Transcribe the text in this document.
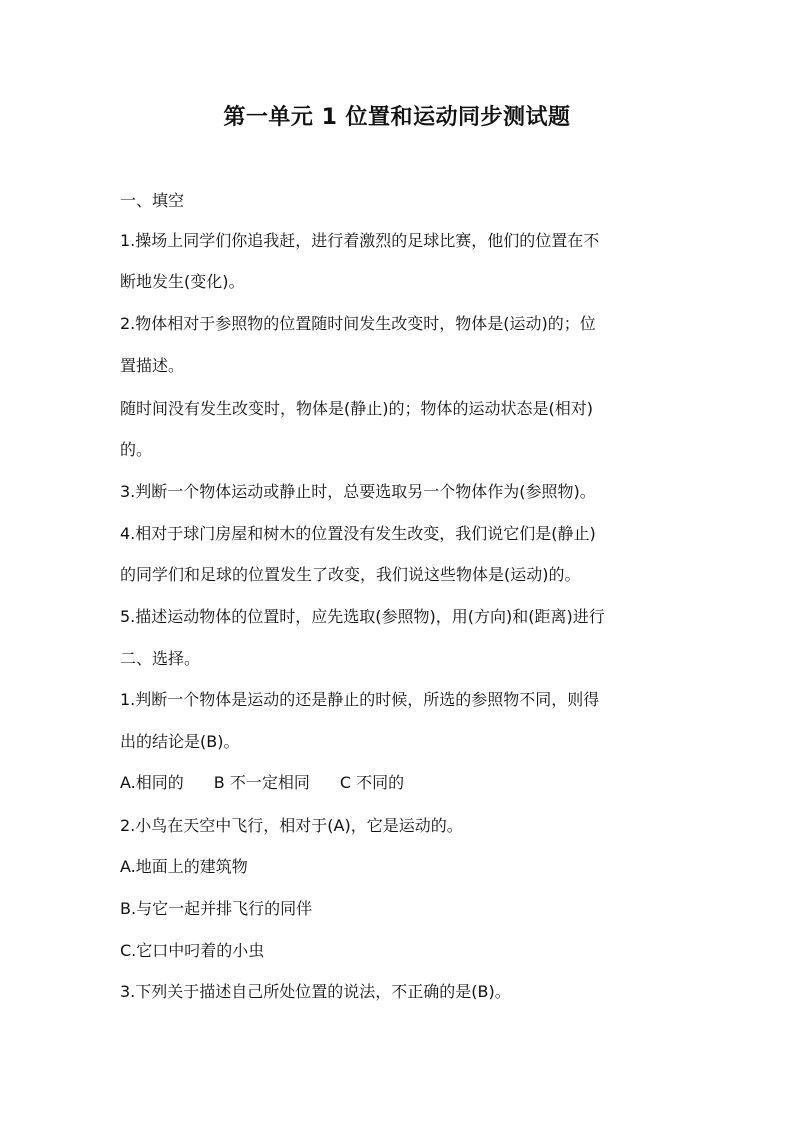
第一单元 1 位置和运动同步测试题
一、填空
1.操场上同学们你追我赶，进行着激烈的足球比赛，他们的位置在不
断地发生(变化)。
2.物体相对于参照物的位置随时间发生改变时，物体是(运动)的；位
置描述。
随时间没有发生改变时，物体是(静止)的；物体的运动状态是(相对)
的。
3.判断一个物体运动或静止时，总要选取另一个物体作为(参照物)。
4.相对于球门房屋和树木的位置没有发生改变，我们说它们是(静止)
的同学们和足球的位置发生了改变，我们说这些物体是(运动)的。
5.描述运动物体的位置时，应先选取(参照物)，用(方向)和(距离)进行
二、选择。
1.判断一个物体是运动的还是静止的时候，所选的参照物不同，则得
出的结论是(B)。
A.相同的 B 不一定相同 C 不同的
2.小鸟在天空中飞行，相对于(A)，它是运动的。
A.地面上的建筑物
B.与它一起并排飞行的同伴
C.它口中叼着的小虫
3.下列关于描述自己所处位置的说法，不正确的是(B)。
